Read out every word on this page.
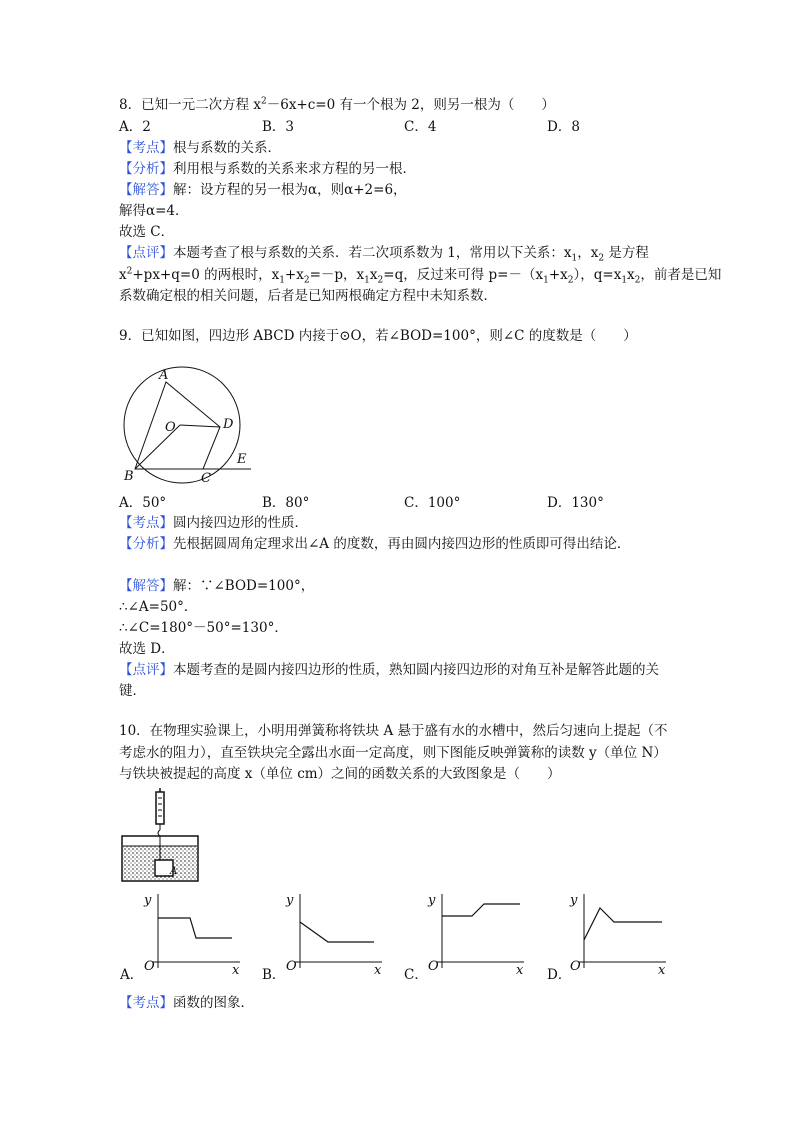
8．已知一元二次方程 $x^2-6x+c=0$ 有一个根为 2，则另一根为（　　）
A．2	B．3	C．4	D．8
【考点】根与系数的关系．
【分析】利用根与系数的关系来求方程的另一根．
【解答】解：设方程的另一根为α，则α+2=6，
解得α=4．
故选 C．
【点评】本题考查了根与系数的关系．若二次项系数为 1，常用以下关系：$x_1$，$x_2$ 是方程
$x^2+px+q=0$ 的两根时，$x_1+x_2=-p$，$x_1x_2=q$，反过来可得 $p=-(x_1+x_2)$，$q=x_1x_2$，前者是已知
系数确定根的相关问题，后者是已知两根确定方程中未知系数．
9．已知如图，四边形 ABCD 内接于⊙O，若∠BOD=100°，则∠C 的度数是（　　）
A
B	C
D
O
E
A．50°	B．80°	C．100°	D．130°
【考点】圆内接四边形的性质．
【分析】先根据圆周角定理求出∠A 的度数，再由圆内接四边形的性质即可得出结论．
【解答】解：∵∠BOD=100°，
∴∠A=50°．
∴∠C=180°－50°=130°．
故选 D．
【点评】本题考查的是圆内接四边形的性质，熟知圆内接四边形的对角互补是解答此题的关
键．
10．在物理实验课上，小明用弹簧称将铁块 A 悬于盛有水的水槽中，然后匀速向上提起（不
考虑水的阻力），直至铁块完全露出水面一定高度，则下图能反映弹簧称的读数 y（单位 N）
与铁块被提起的高度 x（单位 cm）之间的函数关系的大致图象是（　　）
A
y
O	x
A．
y
O	x
B．
y
O	x
C．
y
O	x
D．
【考点】函数的图象．
